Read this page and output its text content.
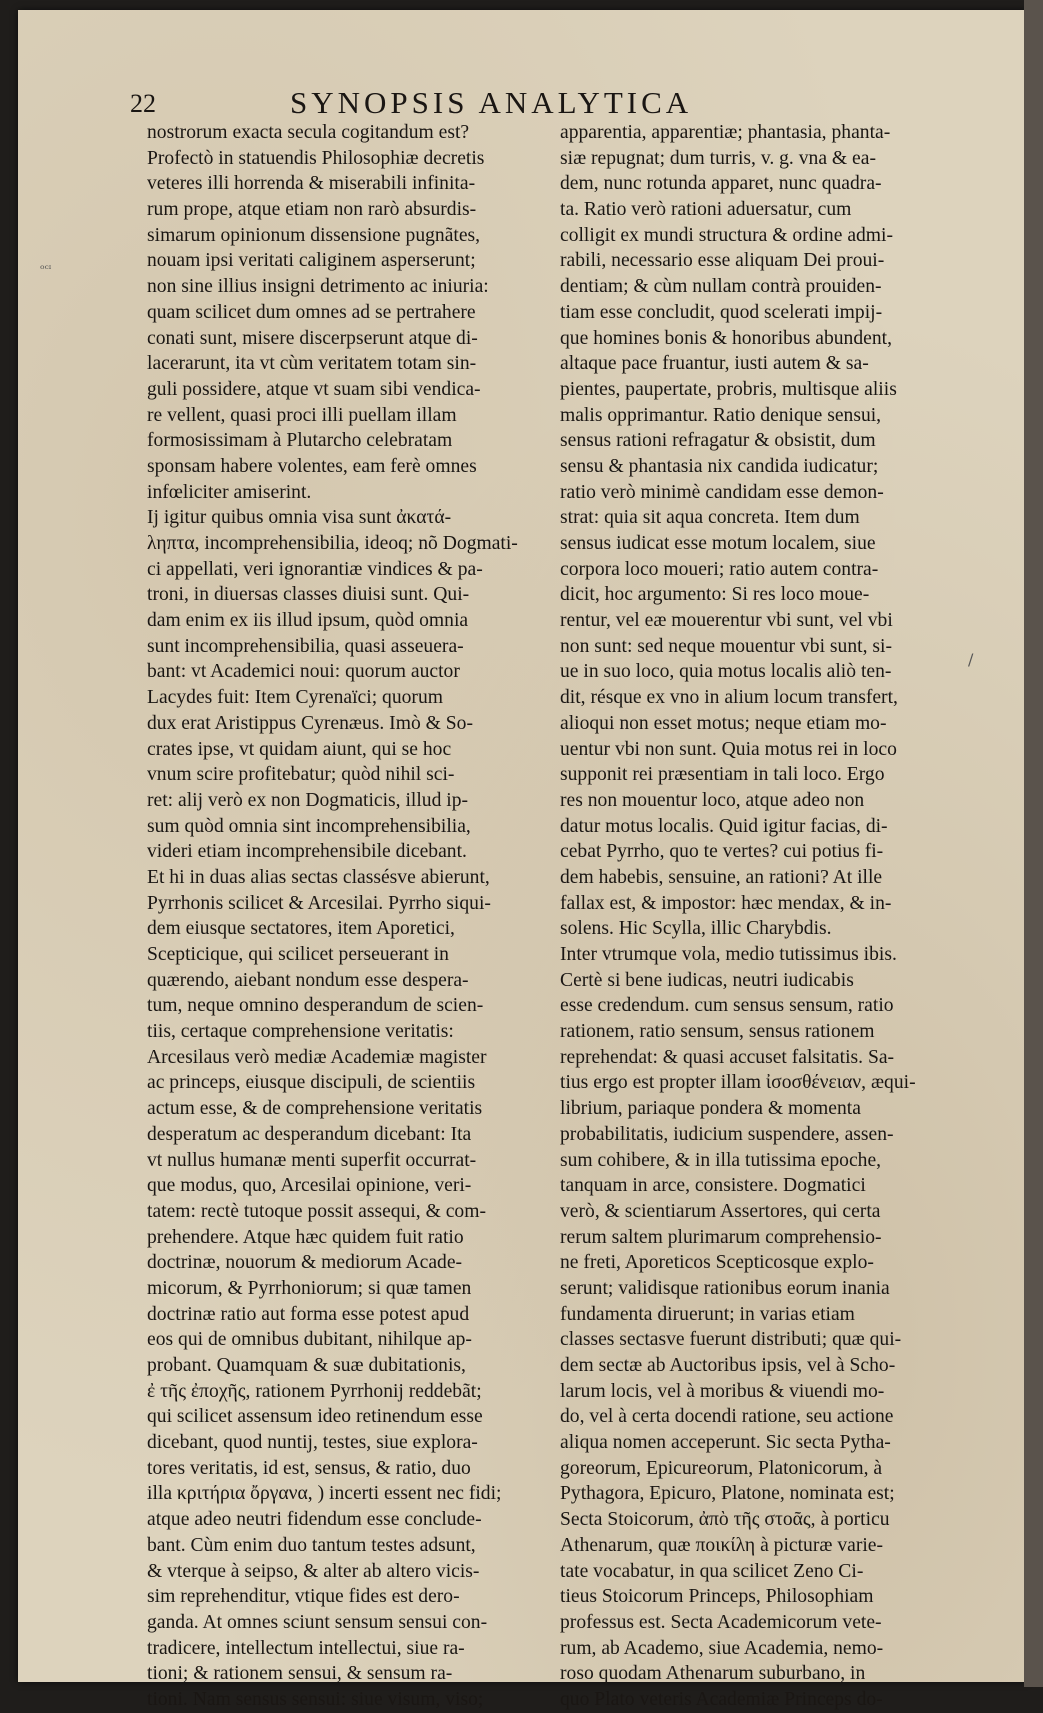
22	SYNOPSIS ANALYTICA
nostrorum exacta secula cogitandum est?
Profectò in statuendis Philosophiæ decretis
veteres illi horrenda & miserabili infinita-
rum prope, atque etiam non rarò absurdis-
simarum opinionum dissensione pugnãtes,
nouam ipsi veritati caliginem asperserunt;
non sine illius insigni detrimento ac iniuria:
quam scilicet dum omnes ad se pertrahere
conati sunt, misere discerpserunt atque di-
lacerarunt, ita vt cùm veritatem totam sin-
guli possidere, atque vt suam sibi vendica-
re vellent, quasi proci illi puellam illam
formosissimam à Plutarcho celebratam
sponsam habere volentes, eam ferè omnes
infœliciter amiserint.
Ij igitur quibus omnia visa sunt ἀκατά-
ληπτα, incomprehensibilia, ideoq; nõ Dogmati-
ci appellati, veri ignorantiæ vindices & pa-
troni, in diuersas classes diuisi sunt. Qui-
dam enim ex iis illud ipsum, quòd omnia
sunt incomprehensibilia, quasi asseuera-
bant: vt Academici noui: quorum auctor
Lacydes fuit: Item Cyrenaïci; quorum
dux erat Aristippus Cyrenæus. Imò & So-
crates ipse, vt quidam aiunt, qui se hoc
vnum scire profitebatur; quòd nihil sci-
ret: alij verò ex non Dogmaticis, illud ip-
sum quòd omnia sint incomprehensibilia,
videri etiam incomprehensibile dicebant.
Et hi in duas alias sectas classésve abierunt,
Pyrrhonis scilicet & Arcesilai. Pyrrho siqui-
dem eiusque sectatores, item Aporetici,
Scepticique, qui scilicet perseuerant in
quærendo, aiebant nondum esse despera-
tum, neque omnino desperandum de scien-
tiis, certaque comprehensione veritatis:
Arcesilaus verò mediæ Academiæ magister
ac princeps, eiusque discipuli, de scientiis
actum esse, & de comprehensione veritatis
desperatum ac desperandum dicebant: Ita
vt nullus humanæ menti superfit occurrat-
que modus, quo, Arcesilai opinione, veri-
tatem: rectè tutoque possit assequi, & com-
prehendere. Atque hæc quidem fuit ratio
doctrinæ, nouorum & mediorum Acade-
micorum, & Pyrrhoniorum; si quæ tamen
doctrinæ ratio aut forma esse potest apud
eos qui de omnibus dubitant, nihilque ap-
probant. Quamquam & suæ dubitationis,
ἐ τῆς ἐποχῆς, rationem Pyrrhonij reddebãt;
qui scilicet assensum ideo retinendum esse
dicebant, quod nuntij, testes, siue explora-
tores veritatis, id est, sensus, & ratio, duo
illa κριτήρια ὄργανα, ) incerti essent nec fidi;
atque adeo neutri fidendum esse conclude-
bant. Cùm enim duo tantum testes adsunt,
& vterque à seipso, & alter ab altero vicis-
sim reprehenditur, vtique fides est dero-
ganda. At omnes sciunt sensum sensui con-
tradicere, intellectum intellectui, siue ra-
tioni; & rationem sensui, & sensum ra-
tioni. Nam sensus sensui: siue visum, viso;
apparentia, apparentiæ; phantasia, phanta-
siæ repugnat; dum turris, v. g. vna & ea-
dem, nunc rotunda apparet, nunc quadra-
ta. Ratio verò rationi aduersatur, cum
colligit ex mundi structura & ordine admi-
rabili, necessario esse aliquam Dei proui-
dentiam; & cùm nullam contrà prouiden-
tiam esse concludit, quod scelerati impij-
que homines bonis & honoribus abundent,
altaque pace fruantur, iusti autem & sa-
pientes, paupertate, probris, multisque aliis
malis opprimantur. Ratio denique sensui,
sensus rationi refragatur & obsistit, dum
sensu & phantasia nix candida iudicatur;
ratio verò minimè candidam esse demon-
strat: quia sit aqua concreta. Item dum
sensus iudicat esse motum localem, siue
corpora loco moueri; ratio autem contra-
dicit, hoc argumento: Si res loco moue-
rentur, vel eæ mouerentur vbi sunt, vel vbi
non sunt: sed neque mouentur vbi sunt, si-
ue in suo loco, quia motus localis aliò ten-
dit, résque ex vno in alium locum transfert,
alioqui non esset motus; neque etiam mo-
uentur vbi non sunt. Quia motus rei in loco
supponit rei præsentiam in tali loco. Ergo
res non mouentur loco, atque adeo non
datur motus localis. Quid igitur facias, di-
cebat Pyrrho, quo te vertes? cui potius fi-
dem habebis, sensuine, an rationi? At ille
fallax est, & impostor: hæc mendax, & in-
solens. Hic Scylla, illic Charybdis.
Inter vtrumque vola, medio tutissimus ibis.
Certè si bene iudicas, neutri iudicabis
esse credendum. cum sensus sensum, ratio
rationem, ratio sensum, sensus rationem
reprehendat: & quasi accuset falsitatis. Sa-
tius ergo est propter illam ἰσοσθένειαν, æqui-
librium, pariaque pondera & momenta
probabilitatis, iudicium suspendere, assen-
sum cohibere, & in illa tutissima epoche,
tanquam in arce, consistere. Dogmatici
verò, & scientiarum Assertores, qui certa
rerum saltem plurimarum comprehensio-
ne freti, Aporeticos Scepticosque explo-
serunt; validisque rationibus eorum inania
fundamenta diruerunt; in varias etiam
classes sectasve fuerunt distributi; quæ qui-
dem sectæ ab Auctoribus ipsis, vel à Scho-
larum locis, vel à moribus & viuendi mo-
do, vel à certa docendi ratione, seu actione
aliqua nomen acceperunt. Sic secta Pytha-
goreorum, Epicureorum, Platonicorum, à
Pythagora, Epicuro, Platone, nominata est;
Secta Stoicorum, ἀπὸ τῆς στοᾶς, à porticu
Athenarum, quæ ποικίλη à picturæ varie-
tate vocabatur, in qua scilicet Zeno Ci-
tieus Stoicorum Princeps, Philosophiam
professus est. Secta Academicorum vete-
rum, ab Academo, siue Academia, nemo-
roso quodam Athenarum suburbano, in
quo Plato veteris Academiæ Princeps do-
ᵒᶜᶦ
/
